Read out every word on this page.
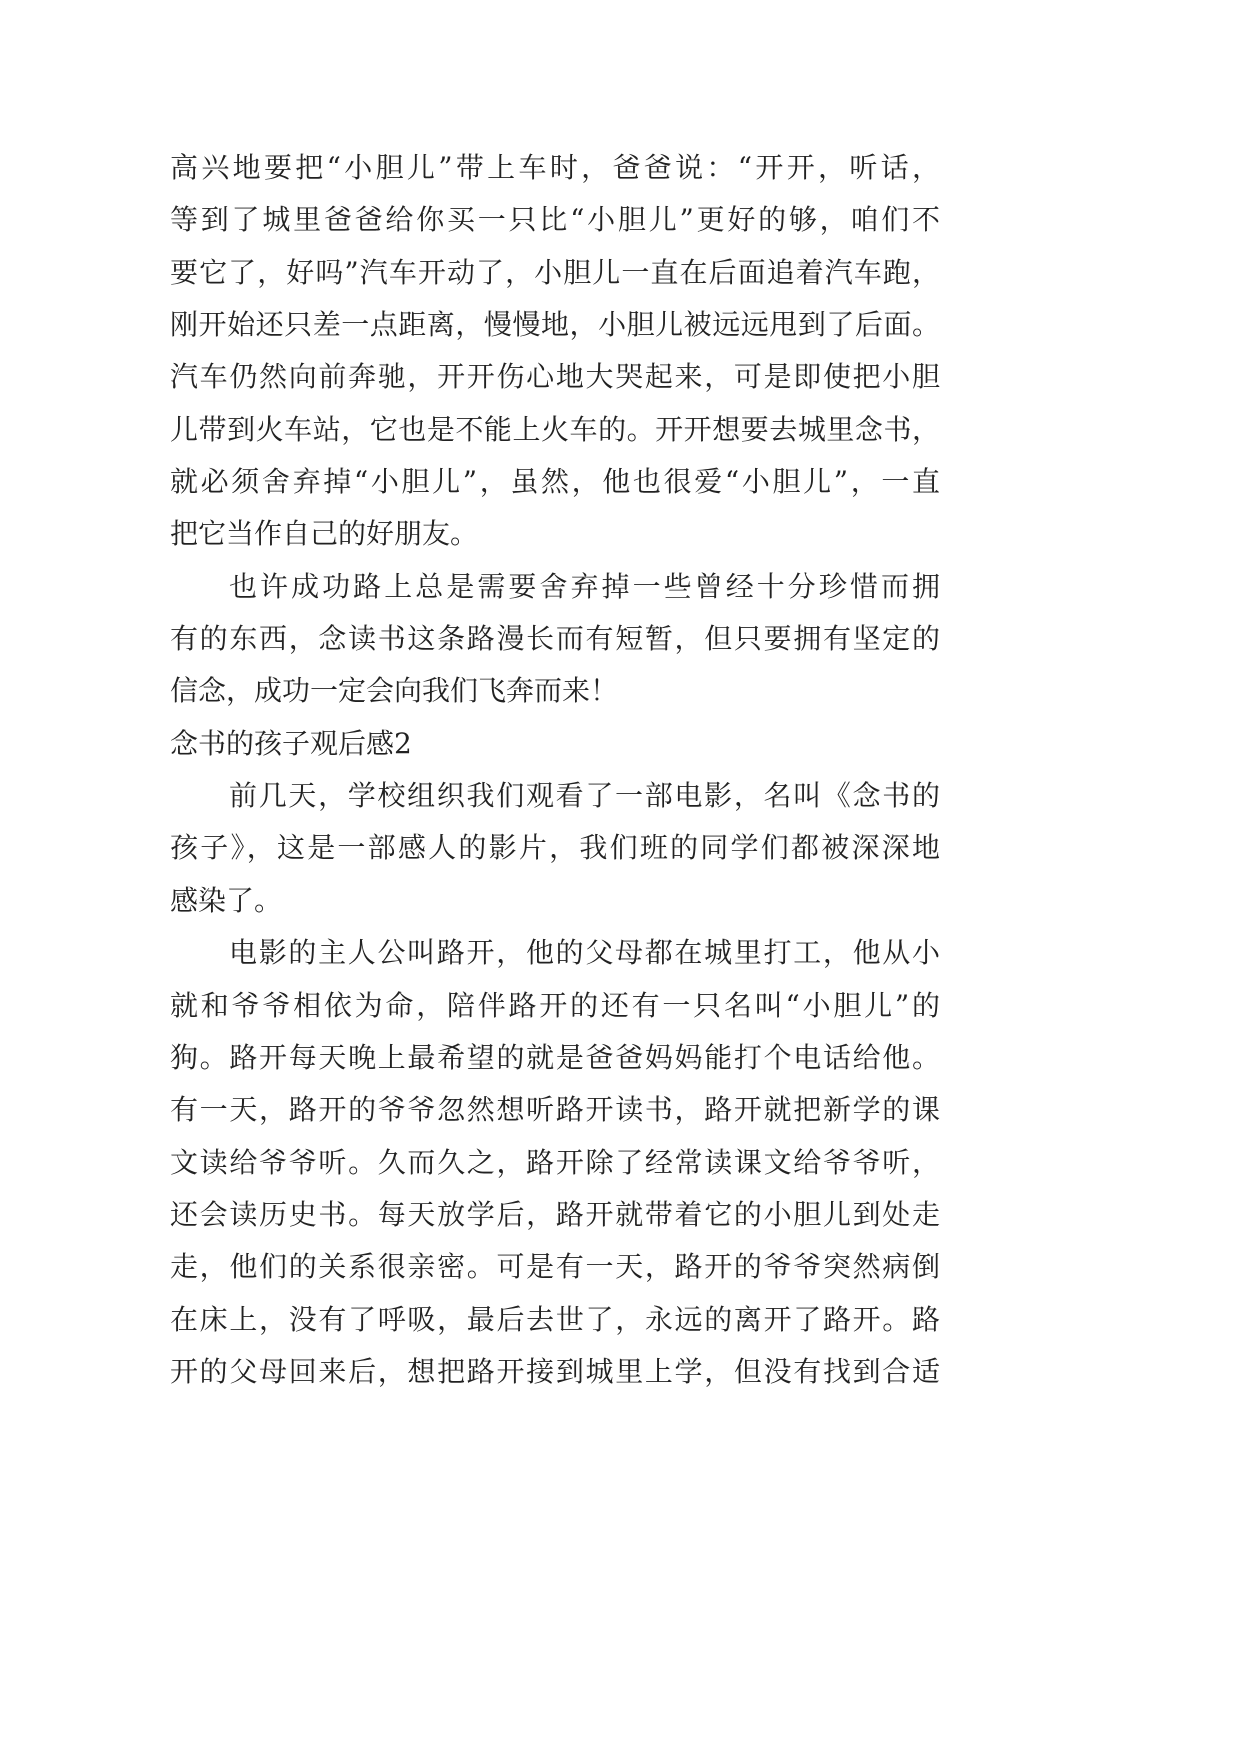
高兴地要把“小胆儿”带上车时，爸爸说：“开开，听话，
等到了城里爸爸给你买一只比“小胆儿”更好的够，咱们不
要它了，好吗”汽车开动了，小胆儿一直在后面追着汽车跑，
刚开始还只差一点距离，慢慢地，小胆儿被远远甩到了后面。
汽车仍然向前奔驰，开开伤心地大哭起来，可是即使把小胆
儿带到火车站，它也是不能上火车的。开开想要去城里念书，
就必须舍弃掉“小胆儿”，虽然，他也很爱“小胆儿”，一直
把它当作自己的好朋友。
也许成功路上总是需要舍弃掉一些曾经十分珍惜而拥
有的东西，念读书这条路漫长而有短暂，但只要拥有坚定的
信念，成功一定会向我们飞奔而来！
念书的孩子观后感2
前几天，学校组织我们观看了一部电影，名叫《念书的
孩子》，这是一部感人的影片，我们班的同学们都被深深地
感染了。
电影的主人公叫路开，他的父母都在城里打工，他从小
就和爷爷相依为命，陪伴路开的还有一只名叫“小胆儿”的
狗。路开每天晚上最希望的就是爸爸妈妈能打个电话给他。
有一天，路开的爷爷忽然想听路开读书，路开就把新学的课
文读给爷爷听。久而久之，路开除了经常读课文给爷爷听，
还会读历史书。每天放学后，路开就带着它的小胆儿到处走
走，他们的关系很亲密。可是有一天，路开的爷爷突然病倒
在床上，没有了呼吸，最后去世了，永远的离开了路开。路
开的父母回来后，想把路开接到城里上学，但没有找到合适
